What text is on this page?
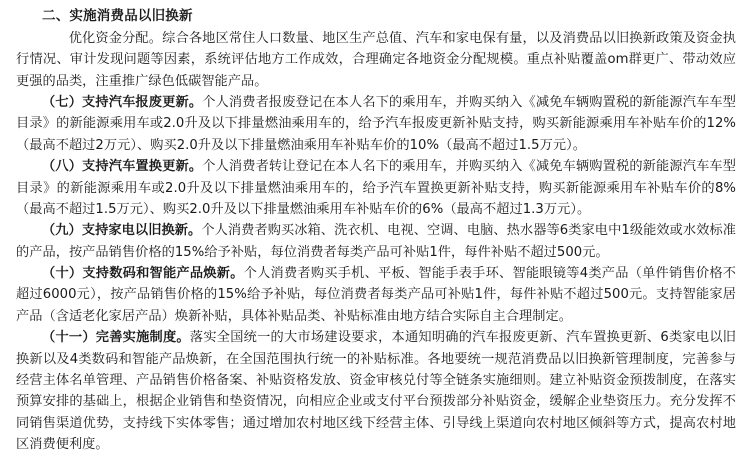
二、实施消费品以旧换新

　　优化资金分配。综合各地区常住人口数量、地区生产总值、汽车和家电保有量，以及消费品以旧换新政策及资金执行情况、审计发现问题等因素，系统评估地方工作成效，合理确定各地资金分配规模。重点补贴覆盖om群更广、带动效应更强的品类，注重推广绿色低碳智能产品。

（七）支持汽车报废更新。个人消费者报废登记在本人名下的乘用车，并购买纳入《减免车辆购置税的新能源汽车车型目录》的新能源乘用车或2.0升及以下排量燃油乘用车的，给予汽车报废更新补贴支持，购买新能源乘用车补贴车价的12%（最高不超过2万元）、购买2.0升及以下排量燃油乘用车补贴车价的10%（最高不超过1.5万元）。

（八）支持汽车置换更新。个人消费者转让登记在本人名下的乘用车，并购买纳入《减免车辆购置税的新能源汽车车型目录》的新能源乘用车或2.0升及以下排量燃油乘用车的，给予汽车置换更新补贴支持，购买新能源乘用车补贴车价的8%（最高不超过1.5万元）、购买2.0升及以下排量燃油乘用车补贴车价的6%（最高不超过1.3万元）。

（九）支持家电以旧换新。个人消费者购买冰箱、洗衣机、电视、空调、电脑、热水器等6类家电中1级能效或水效标准的产品，按产品销售价格的15%给予补贴，每位消费者每类产品可补贴1件，每件补贴不超过500元。

（十）支持数码和智能产品焕新。个人消费者购买手机、平板、智能手表手环、智能眼镜等4类产品（单件销售价格不超过6000元），按产品销售价格的15%给予补贴，每位消费者每类产品可补贴1件，每件补贴不超过500元。支持智能家居产品（含适老化家居产品）焕新补贴，具体补贴品类、补贴标准由地方结合实际自主合理制定。

（十一）完善实施制度。落实全国统一的大市场建设要求，本通知明确的汽车报废更新、汽车置换更新、6类家电以旧换新以及4类数码和智能产品焕新，在全国范围执行统一的补贴标准。各地要统一规范消费品以旧换新管理制度，完善参与经营主体名单管理、产品销售价格备案、补贴资格发放、资金审核兑付等全链条实施细则。建立补贴资金预拨制度，在落实预算安排的基础上，根据企业销售和垫资情况，向相应企业或支付平台预拨部分补贴资金，缓解企业垫资压力。充分发挥不同销售渠道优势，支持线下实体零售；通过增加农村地区线下经营主体、引导线上渠道向农村地区倾斜等方式，提高农村地区消费便利度。
